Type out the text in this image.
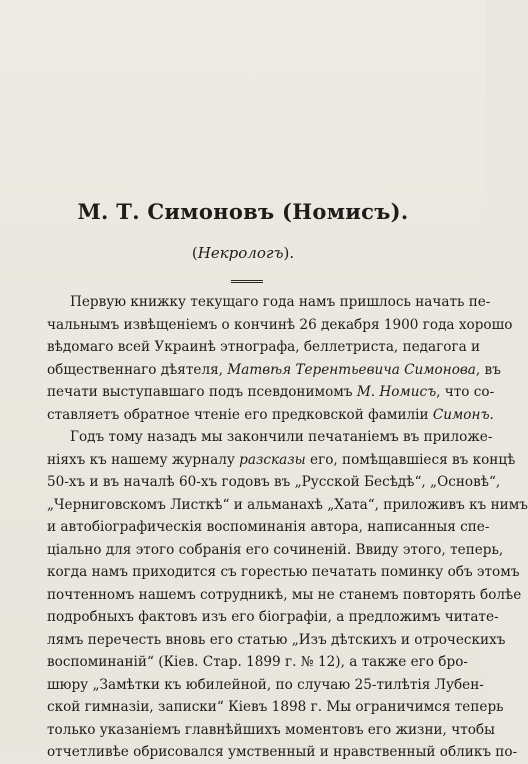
М. Т. Симоновъ (Номисъ).
(Некрологъ).
Первую книжку текущаго года намъ пришлось начать пе-
чальнымъ извѣщеніемъ о кончинѣ 26 декабря 1900 года хорошо
вѣдомаго всей Украинѣ этнографа, беллетриста, педагога и
общественнаго дѣятеля, Матвѣя Терентьевича Симонова, въ
печати выступавшаго подъ псевдонимомъ М. Номисъ, что со-
ставляетъ обратное чтеніе его предковской фамиліи Симонъ.
Годъ тому назадъ мы закончили печатаніемъ въ приложе-
ніяхъ къ нашему журналу разсказы его, помѣщавшіеся въ концѣ
50-хъ и въ началѣ 60-хъ годовъ въ „Русской Бесѣдѣ“, „Основѣ“,
„Черниговскомъ Листкѣ“ и альманахѣ „Хата“, приложивъ къ нимъ
и автобіографическія воспоминанія автора, написанныя спе-
ціально для этого собранія его сочиненій. Ввиду этого, теперь,
когда намъ приходится съ горестью печатать поминку объ этомъ
почтенномъ нашемъ сотрудникѣ, мы не станемъ повторять болѣе
подробныхъ фактовъ изъ его біографіи, а предложимъ читате-
лямъ перечесть вновь его статью „Изъ дѣтскихъ и отроческихъ
воспоминаній“ (Кіев. Стар. 1899 г. № 12), а также его бро-
шюру „Замѣтки къ юбилейной, по случаю 25-тилѣтія Лубен-
ской гимназіи, записки“ Кіевъ 1898 г. Мы ограничимся теперь
только указаніемъ главнѣйшихъ моментовъ его жизни, чтобы
отчетливѣе обрисовался умственный и нравственный обликъ по-
